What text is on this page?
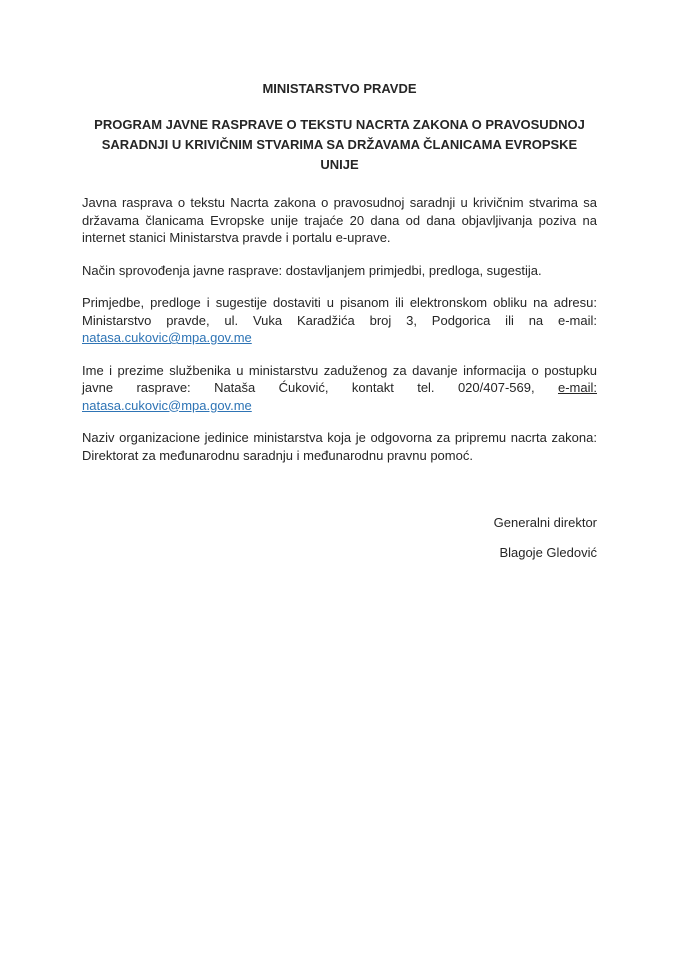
MINISTARSTVO PRAVDE
PROGRAM JAVNE RASPRAVE O TEKSTU NACRTA ZAKONA O PRAVOSUDNOJ SARADNJI U KRIVIČNIM STVARIMA SA DRŽAVAMA ČLANICAMA EVROPSKE UNIJE

Javna rasprava o tekstu Nacrta zakona o pravosudnoj saradnji u krivičnim stvarima sa državama članicama Evropske unije trajaće 20 dana od dana objavljivanja poziva na internet stanici Ministarstva pravde i portalu e-uprave.

Način sprovođenja javne rasprave: dostavljanjem primjedbi, predloga, sugestija.

Primjedbe, predloge i sugestije dostaviti u pisanom ili elektronskom obliku na adresu: Ministarstvo pravde, ul. Vuka Karadžića broj 3, Podgorica ili na e-mail: natasa.cukovic@mpa.gov.me

Ime i prezime službenika u ministarstvu zaduženog za davanje informacija o postupku javne rasprave: Nataša Ćuković, kontakt tel. 020/407-569, e-mail: natasa.cukovic@mpa.gov.me

Naziv organizacione jedinice ministarstva koja je odgovorna za pripremu nacrta zakona: Direktorat za međunarodnu saradnju i međunarodnu pravnu pomoć.

Generalni direktor
Blagoje Gledović
